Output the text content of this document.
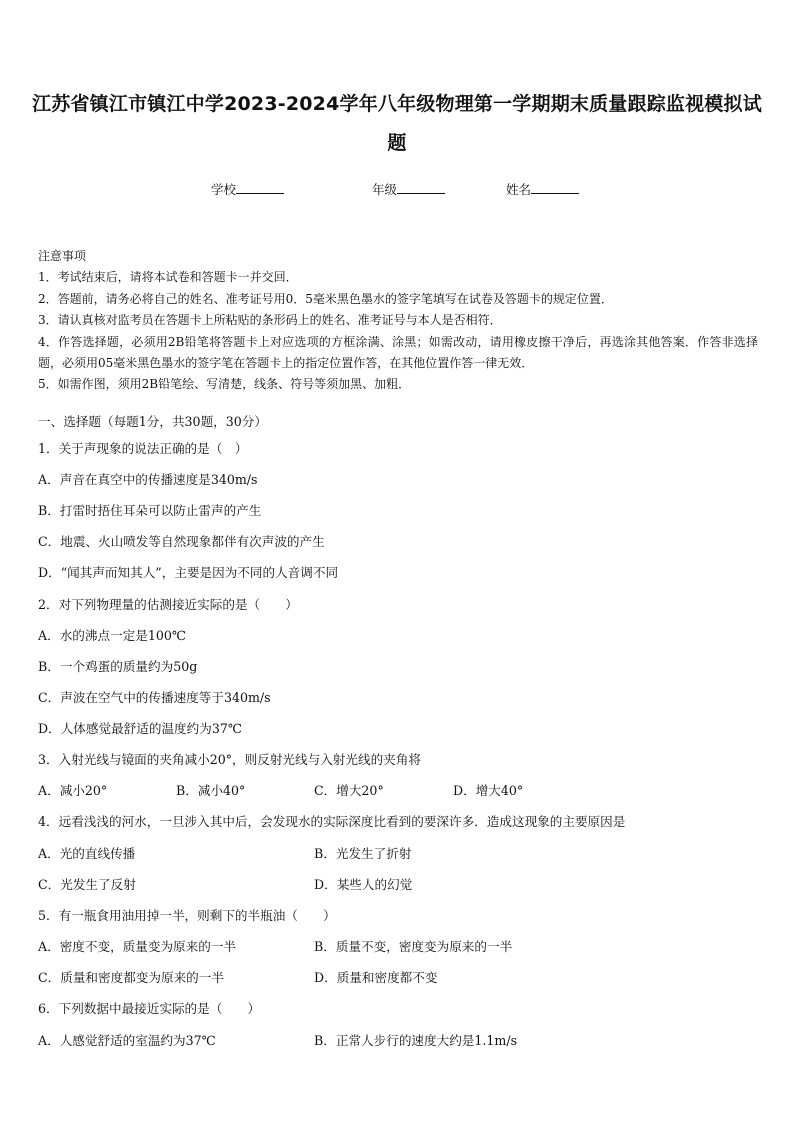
江苏省镇江市镇江中学2023-2024学年八年级物理第一学期期末质量跟踪监视模拟试
题
学校	年级	姓名
注意事项
1．考试结束后，请将本试卷和答题卡一并交回．
2．答题前，请务必将自己的姓名、准考证号用0．5毫米黑色墨水的签字笔填写在试卷及答题卡的规定位置．
3．请认真核对监考员在答题卡上所粘贴的条形码上的姓名、准考证号与本人是否相符．
4．作答选择题，必须用2B铅笔将答题卡上对应选项的方框涂满、涂黑；如需改动，请用橡皮擦干净后，再选涂其他答案．作答非选择题，必须用05毫米黑色墨水的签字笔在答题卡上的指定位置作答，在其他位置作答一律无效．
5．如需作图，须用2B铅笔绘、写清楚，线条、符号等须加黑、加粗．
一、选择题（每题1分，共30题，30分）
1．关于声现象的说法正确的是（　）
A．声音在真空中的传播速度是340m/s
B．打雷时捂住耳朵可以防止雷声的产生
C．地震、火山喷发等自然现象都伴有次声波的产生
D．“闻其声而知其人”，主要是因为不同的人音调不同
2．对下列物理量的估测接近实际的是（　　）
A．水的沸点一定是100℃
B．一个鸡蛋的质量约为50g
C．声波在空气中的传播速度等于340m/s
D．人体感觉最舒适的温度约为37℃
3．入射光线与镜面的夹角减小20°，则反射光线与入射光线的夹角将
A．减小20°	B．减小40°	C．增大20°	D．增大40°
4．远看浅浅的河水，一旦涉入其中后，会发现水的实际深度比看到的要深许多．造成这现象的主要原因是
A．光的直线传播	B．光发生了折射
C．光发生了反射	D．某些人的幻觉
5．有一瓶食用油用掉一半，则剩下的半瓶油（　　）
A．密度不变，质量变为原来的一半	B．质量不变，密度变为原来的一半
C．质量和密度都变为原来的一半	D．质量和密度都不变
6．下列数据中最接近实际的是（　　）
A．人感觉舒适的室温约为37℃	B．正常人步行的速度大约是1.1m/s
